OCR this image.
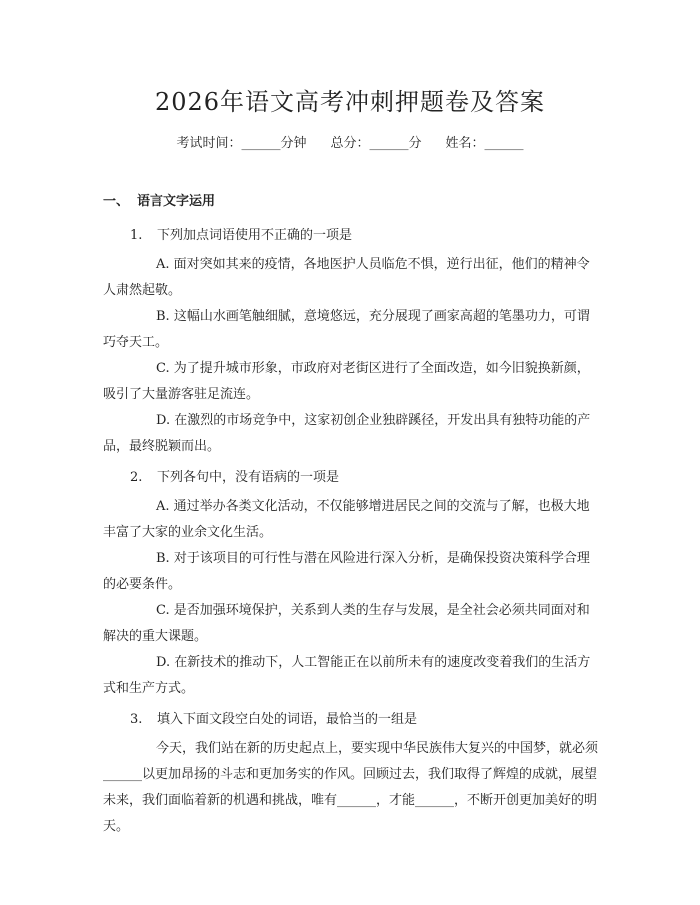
2026年语文高考冲刺押题卷及答案
考试时间：______分钟 总分：______分 姓名：______
一、 语言文字运用
1. 下列加点词语使用不正确的一项是
A. 面对突如其来的疫情，各地医护人员临危不惧，逆行出征，他们的精神令人肃然起敬。
B. 这幅山水画笔触细腻，意境悠远，充分展现了画家高超的笔墨功力，可谓巧夺天工。
C. 为了提升城市形象，市政府对老街区进行了全面改造，如今旧貌换新颜，吸引了大量游客驻足流连。
D. 在激烈的市场竞争中，这家初创企业独辟蹊径，开发出具有独特功能的产品，最终脱颖而出。
2. 下列各句中，没有语病的一项是
A. 通过举办各类文化活动，不仅能够增进居民之间的交流与了解，也极大地丰富了大家的业余文化生活。
B. 对于该项目的可行性与潜在风险进行深入分析，是确保投资决策科学合理的必要条件。
C. 是否加强环境保护，关系到人类的生存与发展，是全社会必须共同面对和解决的重大课题。
D. 在新技术的推动下，人工智能正在以前所未有的速度改变着我们的生活方式和生产方式。
3. 填入下面文段空白处的词语，最恰当的一组是
今天，我们站在新的历史起点上，要实现中华民族伟大复兴的中国梦，就必须______以更加昂扬的斗志和更加务实的作风。回顾过去，我们取得了辉煌的成就，展望未来，我们面临着新的机遇和挑战，唯有______，才能______，不断开创更加美好的明天。
